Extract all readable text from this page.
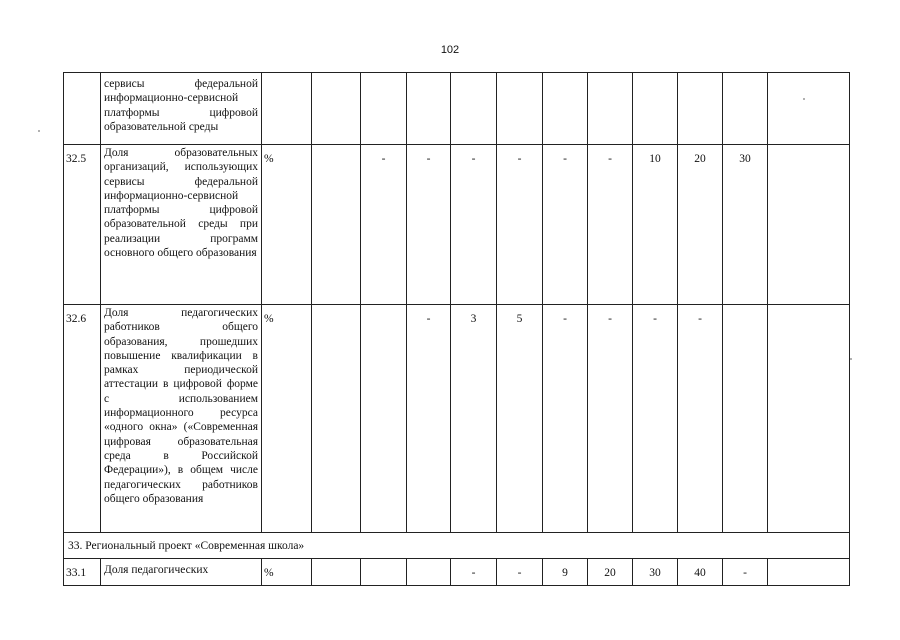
102
	сервисы федеральной информационно-сервисной платформы цифровой образовательной среды												
32.5	Доля образовательных организаций, использующих сервисы федеральной информационно-сервисной платформы цифровой образовательной среды при реализации программ основного общего образования	%		-	-	-	-	-	-	10	20	30	
32.6	Доля педагогических работников общего образования, прошедших повышение квалификации в рамках периодической аттестации в цифровой форме с использованием информационного ресурса «одного окна» («Современная цифровая образовательная среда в Российской Федерации»), в общем числе педагогических работников общего образования	%			-	3	5	-	-	-	-		
33. Региональный проект «Современная школа»													
33.1	Доля педагогических	%				-	-	9	20	30	40	-	
